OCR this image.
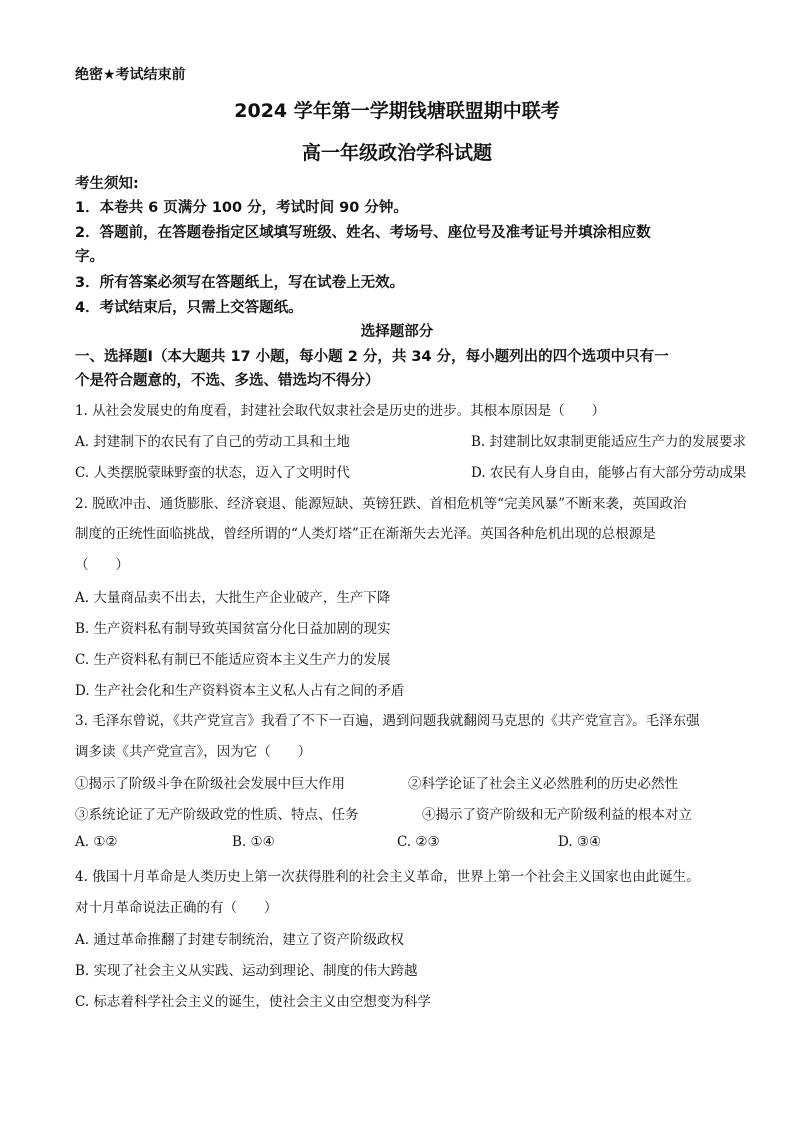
绝密★考试结束前
2024 学年第一学期钱塘联盟期中联考
高一年级政治学科试题
考生须知:
1．本卷共 6 页满分 100 分，考试时间 90 分钟。
2．答题前，在答题卷指定区域填写班级、姓名、考场号、座位号及准考证号并填涂相应数
字。
3．所有答案必须写在答题纸上，写在试卷上无效。
4．考试结束后，只需上交答题纸。
选择题部分
一、选择题Ⅰ（本大题共 17 小题，每小题 2 分，共 34 分，每小题列出的四个选项中只有一
个是符合题意的，不选、多选、错选均不得分）
1. 从社会发展史的角度看，封建社会取代奴隶社会是历史的进步。其根本原因是（　　）
A. 封建制下的农民有了自己的劳动工具和土地	B. 封建制比奴隶制更能适应生产力的发展要求
C. 人类摆脱蒙昧野蛮的状态，迈入了文明时代	D. 农民有人身自由，能够占有大部分劳动成果
2. 脱欧冲击、通货膨胀、经济衰退、能源短缺、英镑狂跌、首相危机等“完美风暴”不断来袭，英国政治
制度的正统性面临挑战，曾经所谓的“人类灯塔”正在渐渐失去光泽。英国各种危机出现的总根源是
（　　）
A. 大量商品卖不出去，大批生产企业破产，生产下降
B. 生产资料私有制导致英国贫富分化日益加剧的现实
C. 生产资料私有制已不能适应资本主义生产力的发展
D. 生产社会化和生产资料资本主义私人占有之间的矛盾
3. 毛泽东曾说，《共产党宣言》我看了不下一百遍，遇到问题我就翻阅马克思的《共产党宣言》。毛泽东强
调多读《共产党宣言》，因为它（　　）
①揭示了阶级斗争在阶级社会发展中巨大作用	②科学论证了社会主义必然胜利的历史必然性
③系统论证了无产阶级政党的性质、特点、任务	④揭示了资产阶级和无产阶级利益的根本对立
A. ①②	B. ①④	C. ②③	D. ③④
4. 俄国十月革命是人类历史上第一次获得胜利的社会主义革命，世界上第一个社会主义国家也由此诞生。
对十月革命说法正确的有（　　）
A. 通过革命推翻了封建专制统治，建立了资产阶级政权
B. 实现了社会主义从实践、运动到理论、制度的伟大跨越
C. 标志着科学社会主义的诞生，使社会主义由空想变为科学
